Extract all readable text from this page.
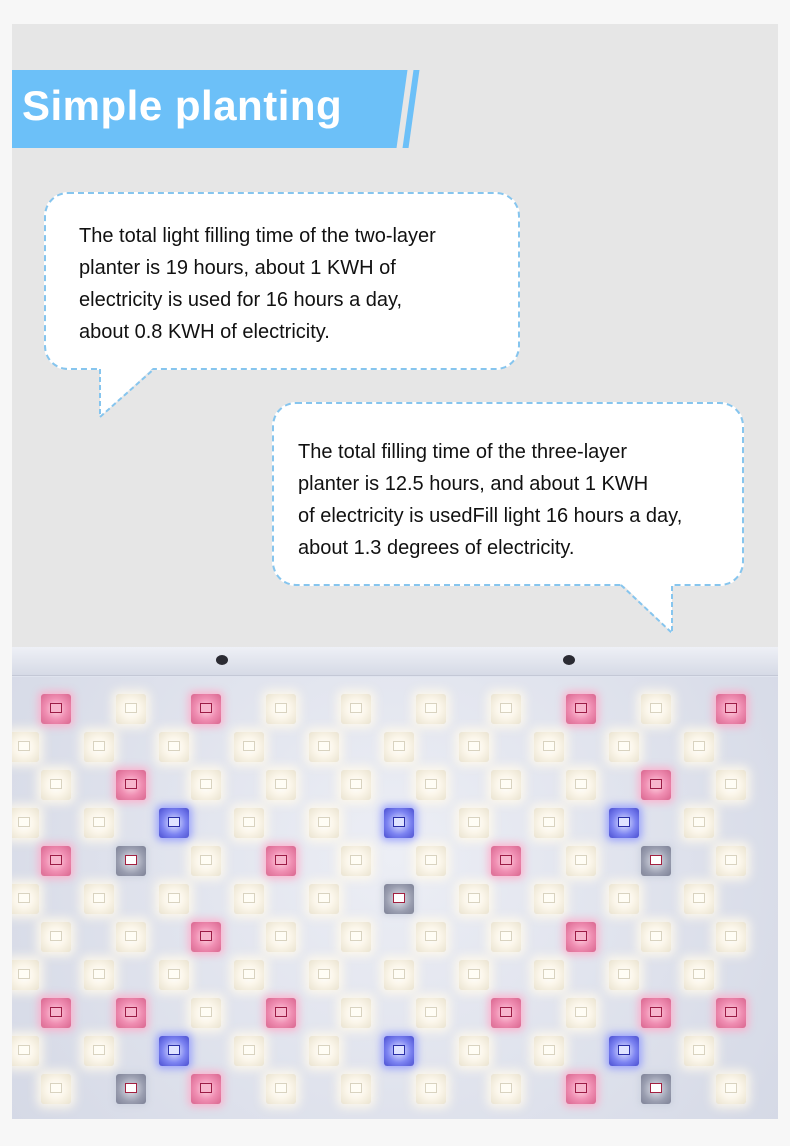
Simple planting

The total light filling time of the two-layer

planter is 19 hours, about 1 KWH of

electricity is used for 16 hours a day,

about 0.8 KWH of electricity.

The total filling time of the three-layer

planter is 12.5 hours, and about 1 KWH

of electricity is usedFill light 16 hours a day,

about 1.3 degrees of electricity.
